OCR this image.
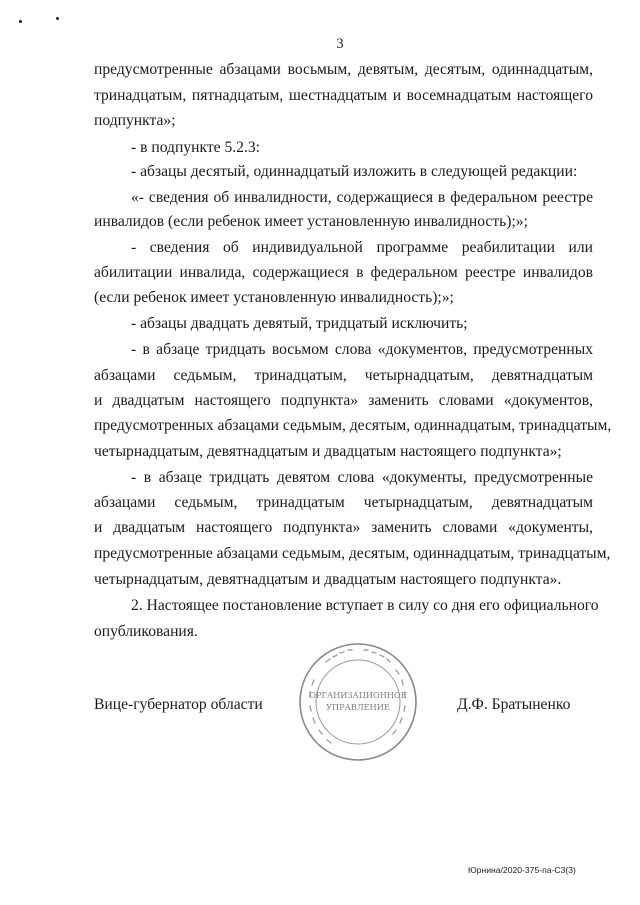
3
предусмотренные абзацами восьмым, девятым, десятым, одиннадцатым,
тринадцатым, пятнадцатым, шестнадцатым и восемнадцатым настоящего
подпункта»;
- в подпункте 5.2.3:
- абзацы десятый, одиннадцатый изложить в следующей редакции:
«- сведения об инвалидности, содержащиеся в федеральном реестре
инвалидов (если ребенок имеет установленную инвалидность);»;
- сведения об индивидуальной программе реабилитации или
абилитации инвалида, содержащиеся в федеральном реестре инвалидов
(если ребенок имеет установленную инвалидность);»;
- абзацы двадцать девятый, тридцатый исключить;
- в абзаце тридцать восьмом слова «документов, предусмотренных
абзацами седьмым, тринадцатым, четырнадцатым, девятнадцатым
и двадцатым настоящего подпункта» заменить словами «документов,
предусмотренных абзацами седьмым, десятым, одиннадцатым, тринадцатым,
четырнадцатым, девятнадцатым и двадцатым настоящего подпункта»;
- в абзаце тридцать девятом слова «документы, предусмотренные
абзацами седьмым, тринадцатым четырнадцатым, девятнадцатым
и двадцатым настоящего подпункта» заменить словами «документы,
предусмотренные абзацами седьмым, десятым, одиннадцатым, тринадцатым,
четырнадцатым, девятнадцатым и двадцатым настоящего подпункта».
2. Настоящее постановление вступает в силу со дня его официального
опубликования.
ОРГАНИЗАЦИОННОЕ
УПРАВЛЕНИЕ
Вице-губернатор области	Д.Ф. Братыненко
Юрнина/2020-375-па-С3(3)
